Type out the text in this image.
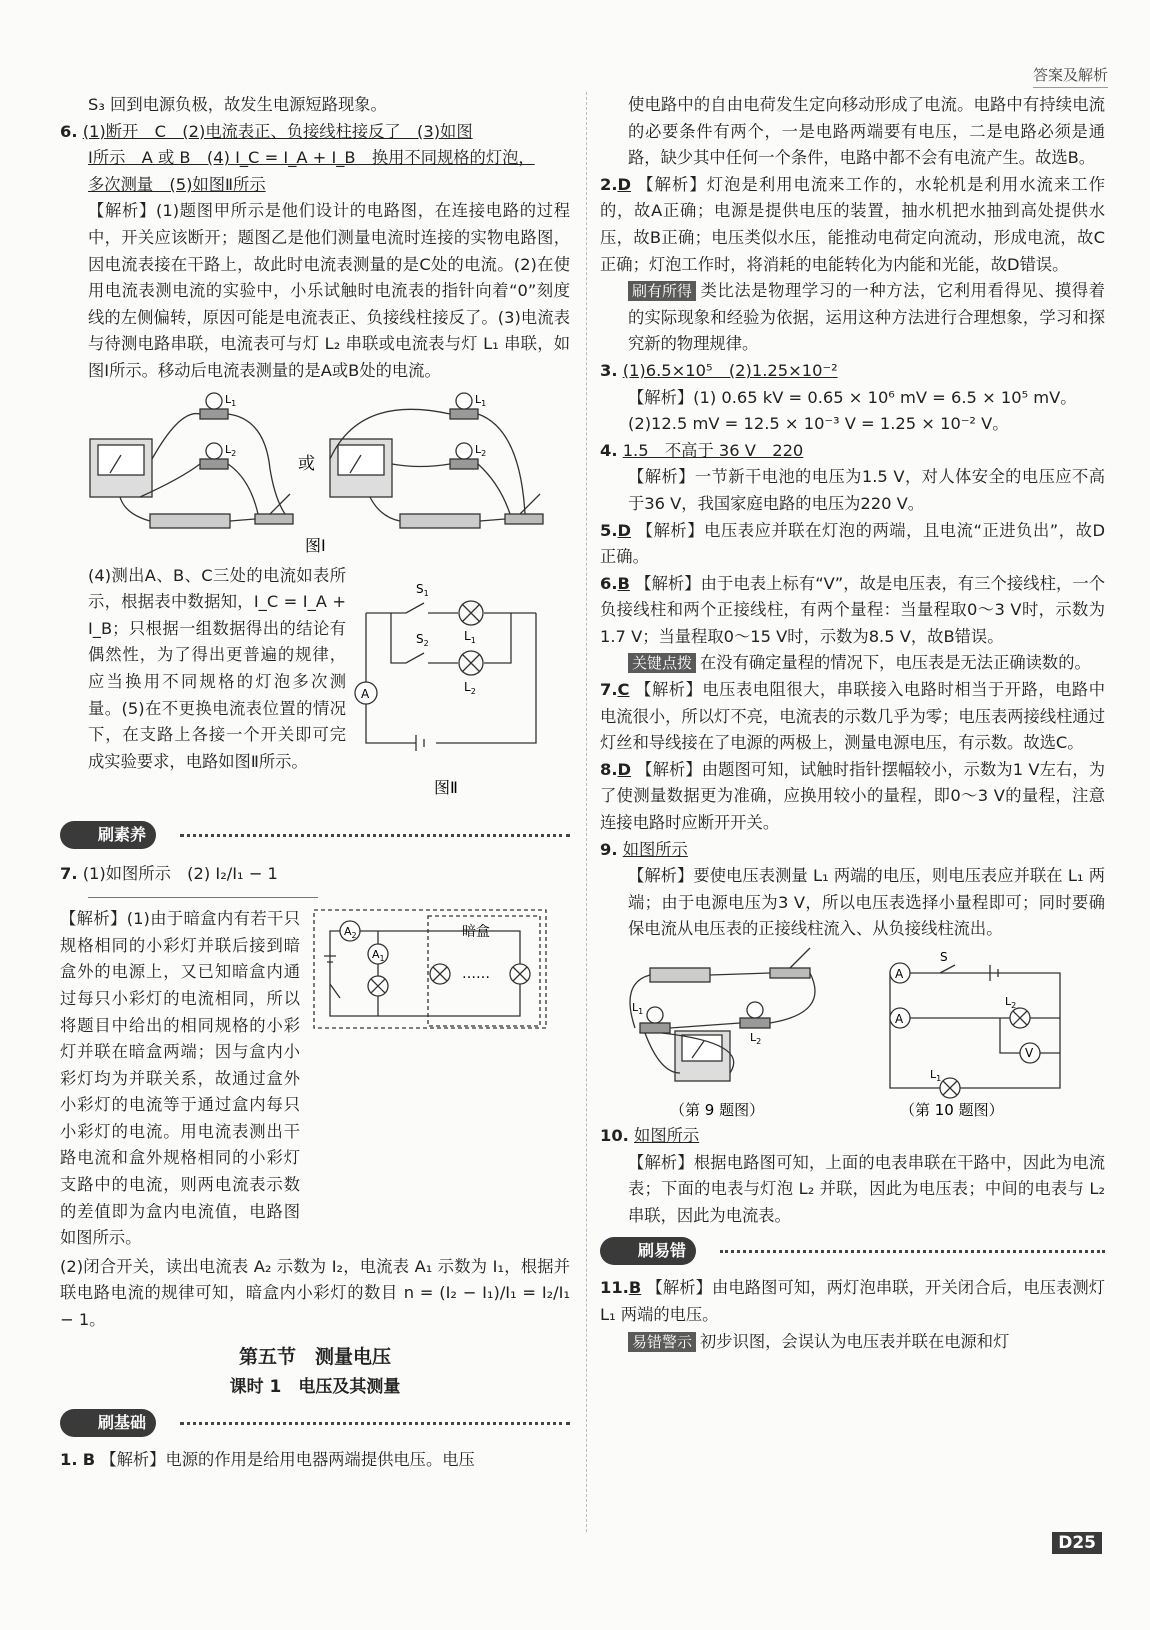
答案及解析

S₃ 回到电源负极，故发生电源短路现象。

6. (1)断开　C　(2)电流表正、负接线柱接反了　(3)如图

Ⅰ所示　A 或 B　(4) I_C = I_A + I_B　换用不同规格的灯泡，

多次测量　(5)如图Ⅱ所示

【解析】(1)题图甲所示是他们设计的电路图，在连接电路的过程中，开关应该断开；题图乙是他们测量电流时连接的实物电路图，因电流表接在干路上，故此时电流表测量的是C处的电流。(2)在使用电流表测电流的实验中，小乐试触时电流表的指针向着“0”刻度线的左侧偏转，原因可能是电流表正、负接线柱接反了。(3)电流表与待测电路串联，电流表可与灯 L₂ 串联或电流表与灯 L₁ 串联，如图Ⅰ所示。移动后电流表测量的是A或B处的电流。

$L_1$
$L_2$
$L_1$
$L_2$
或
图Ⅰ

(4)测出A、B、C三处的电流如表所示，根据表中数据知，I_C = I_A + I_B；只根据一组数据得出的结论有偶然性，为了得出更普遍的规律，应当换用不同规格的灯泡多次测量。(5)在不更换电流表位置的情况下，在支路上各接一个开关即可完成实验要求，电路如图Ⅱ所示。

A
$S_1$
$S_2$
$L_1$
$L_2$
图Ⅱ
刷素养

7. (1)如图所示　(2) I₂/I₁ − 1

【解析】(1)由于暗盒内有若干只规格相同的小彩灯并联后接到暗盒外的电源上，又已知暗盒内通过每只小彩灯的电流相同，所以将题目中给出的相同规格的小彩灯并联在暗盒两端；因与盒内小彩灯均为并联关系，故通过盒外小彩灯的电流等于通过盒内每只小彩灯的电流。用电流表测出干路电流和盒外规格相同的小彩灯支路中的电流，则两电流表示数的差值即为盒内电流值，电路图如图所示。

$A_2$
$A_1$
暗盒
……

(2)闭合开关，读出电流表 A₂ 示数为 I₂，电流表 A₁ 示数为 I₁，根据并联电路电流的规律可知，暗盒内小彩灯的数目 n = (I₂ − I₁)/I₁ = I₂/I₁ − 1。

第五节　测量电压
课时 1　电压及其测量
刷基础

1. B 【解析】电源的作用是给用电器两端提供电压。电压

使电路中的自由电荷发生定向移动形成了电流。电路中有持续电流的必要条件有两个，一是电路两端要有电压，二是电路必须是通路，缺少其中任何一个条件，电路中都不会有电流产生。故选B。

2.D 【解析】灯泡是利用电流来工作的，水轮机是利用水流来工作的，故A正确；电源是提供电压的装置，抽水机把水抽到高处提供水压，故B正确；电压类似水压，能推动电荷定向流动，形成电流，故C正确；灯泡工作时，将消耗的电能转化为内能和光能，故D错误。

刷有所得 类比法是物理学习的一种方法，它利用看得见、摸得着的实际现象和经验为依据，运用这种方法进行合理想象，学习和探究新的物理规律。

3. (1)6.5×10⁵　(2)1.25×10⁻²

【解析】(1) 0.65 kV = 0.65 × 10⁶ mV = 6.5 × 10⁵ mV。

(2)12.5 mV = 12.5 × 10⁻³ V = 1.25 × 10⁻² V。

4. 1.5　不高于 36 V　220

【解析】一节新干电池的电压为1.5 V，对人体安全的电压应不高于36 V，我国家庭电路的电压为220 V。

5.D 【解析】电压表应并联在灯泡的两端，且电流“正进负出”，故D正确。

6.B 【解析】由于电表上标有“V”，故是电压表，有三个接线柱，一个负接线柱和两个正接线柱，有两个量程：当量程取0～3 V时，示数为1.7 V；当量程取0～15 V时，示数为8.5 V，故B错误。

关键点拨 在没有确定量程的情况下，电压表是无法正确读数的。

7.C 【解析】电压表电阻很大，串联接入电路时相当于开路，电路中电流很小，所以灯不亮，电流表的示数几乎为零；电压表两接线柱通过灯丝和导线接在了电源的两极上，测量电源电压，有示数。故选C。

8.D 【解析】由题图可知，试触时指针摆幅较小，示数为1 V左右，为了使测量数据更为准确，应换用较小的量程，即0～3 V的量程，注意连接电路时应断开开关。

9. 如图所示

【解析】要使电压表测量 L₁ 两端的电压，则电压表应并联在 L₁ 两端；由于电源电压为3 V，所以电压表选择小量程即可；同时要确保电流从电压表的正接线柱流入、从负接线柱流出。

$L_1$
$L_2$
A
A
V
S
$L_2$
$L_1$
（第 9 题图）	（第 10 题图）

10. 如图所示

【解析】根据电路图可知，上面的电表串联在干路中，因此为电流表；下面的电表与灯泡 L₂ 并联，因此为电压表；中间的电表与 L₂ 串联，因此为电流表。

刷易错

11.B 【解析】由电路图可知，两灯泡串联，开关闭合后，电压表测灯 L₁ 两端的电压。

易错警示 初步识图，会误认为电压表并联在电源和灯

D25
